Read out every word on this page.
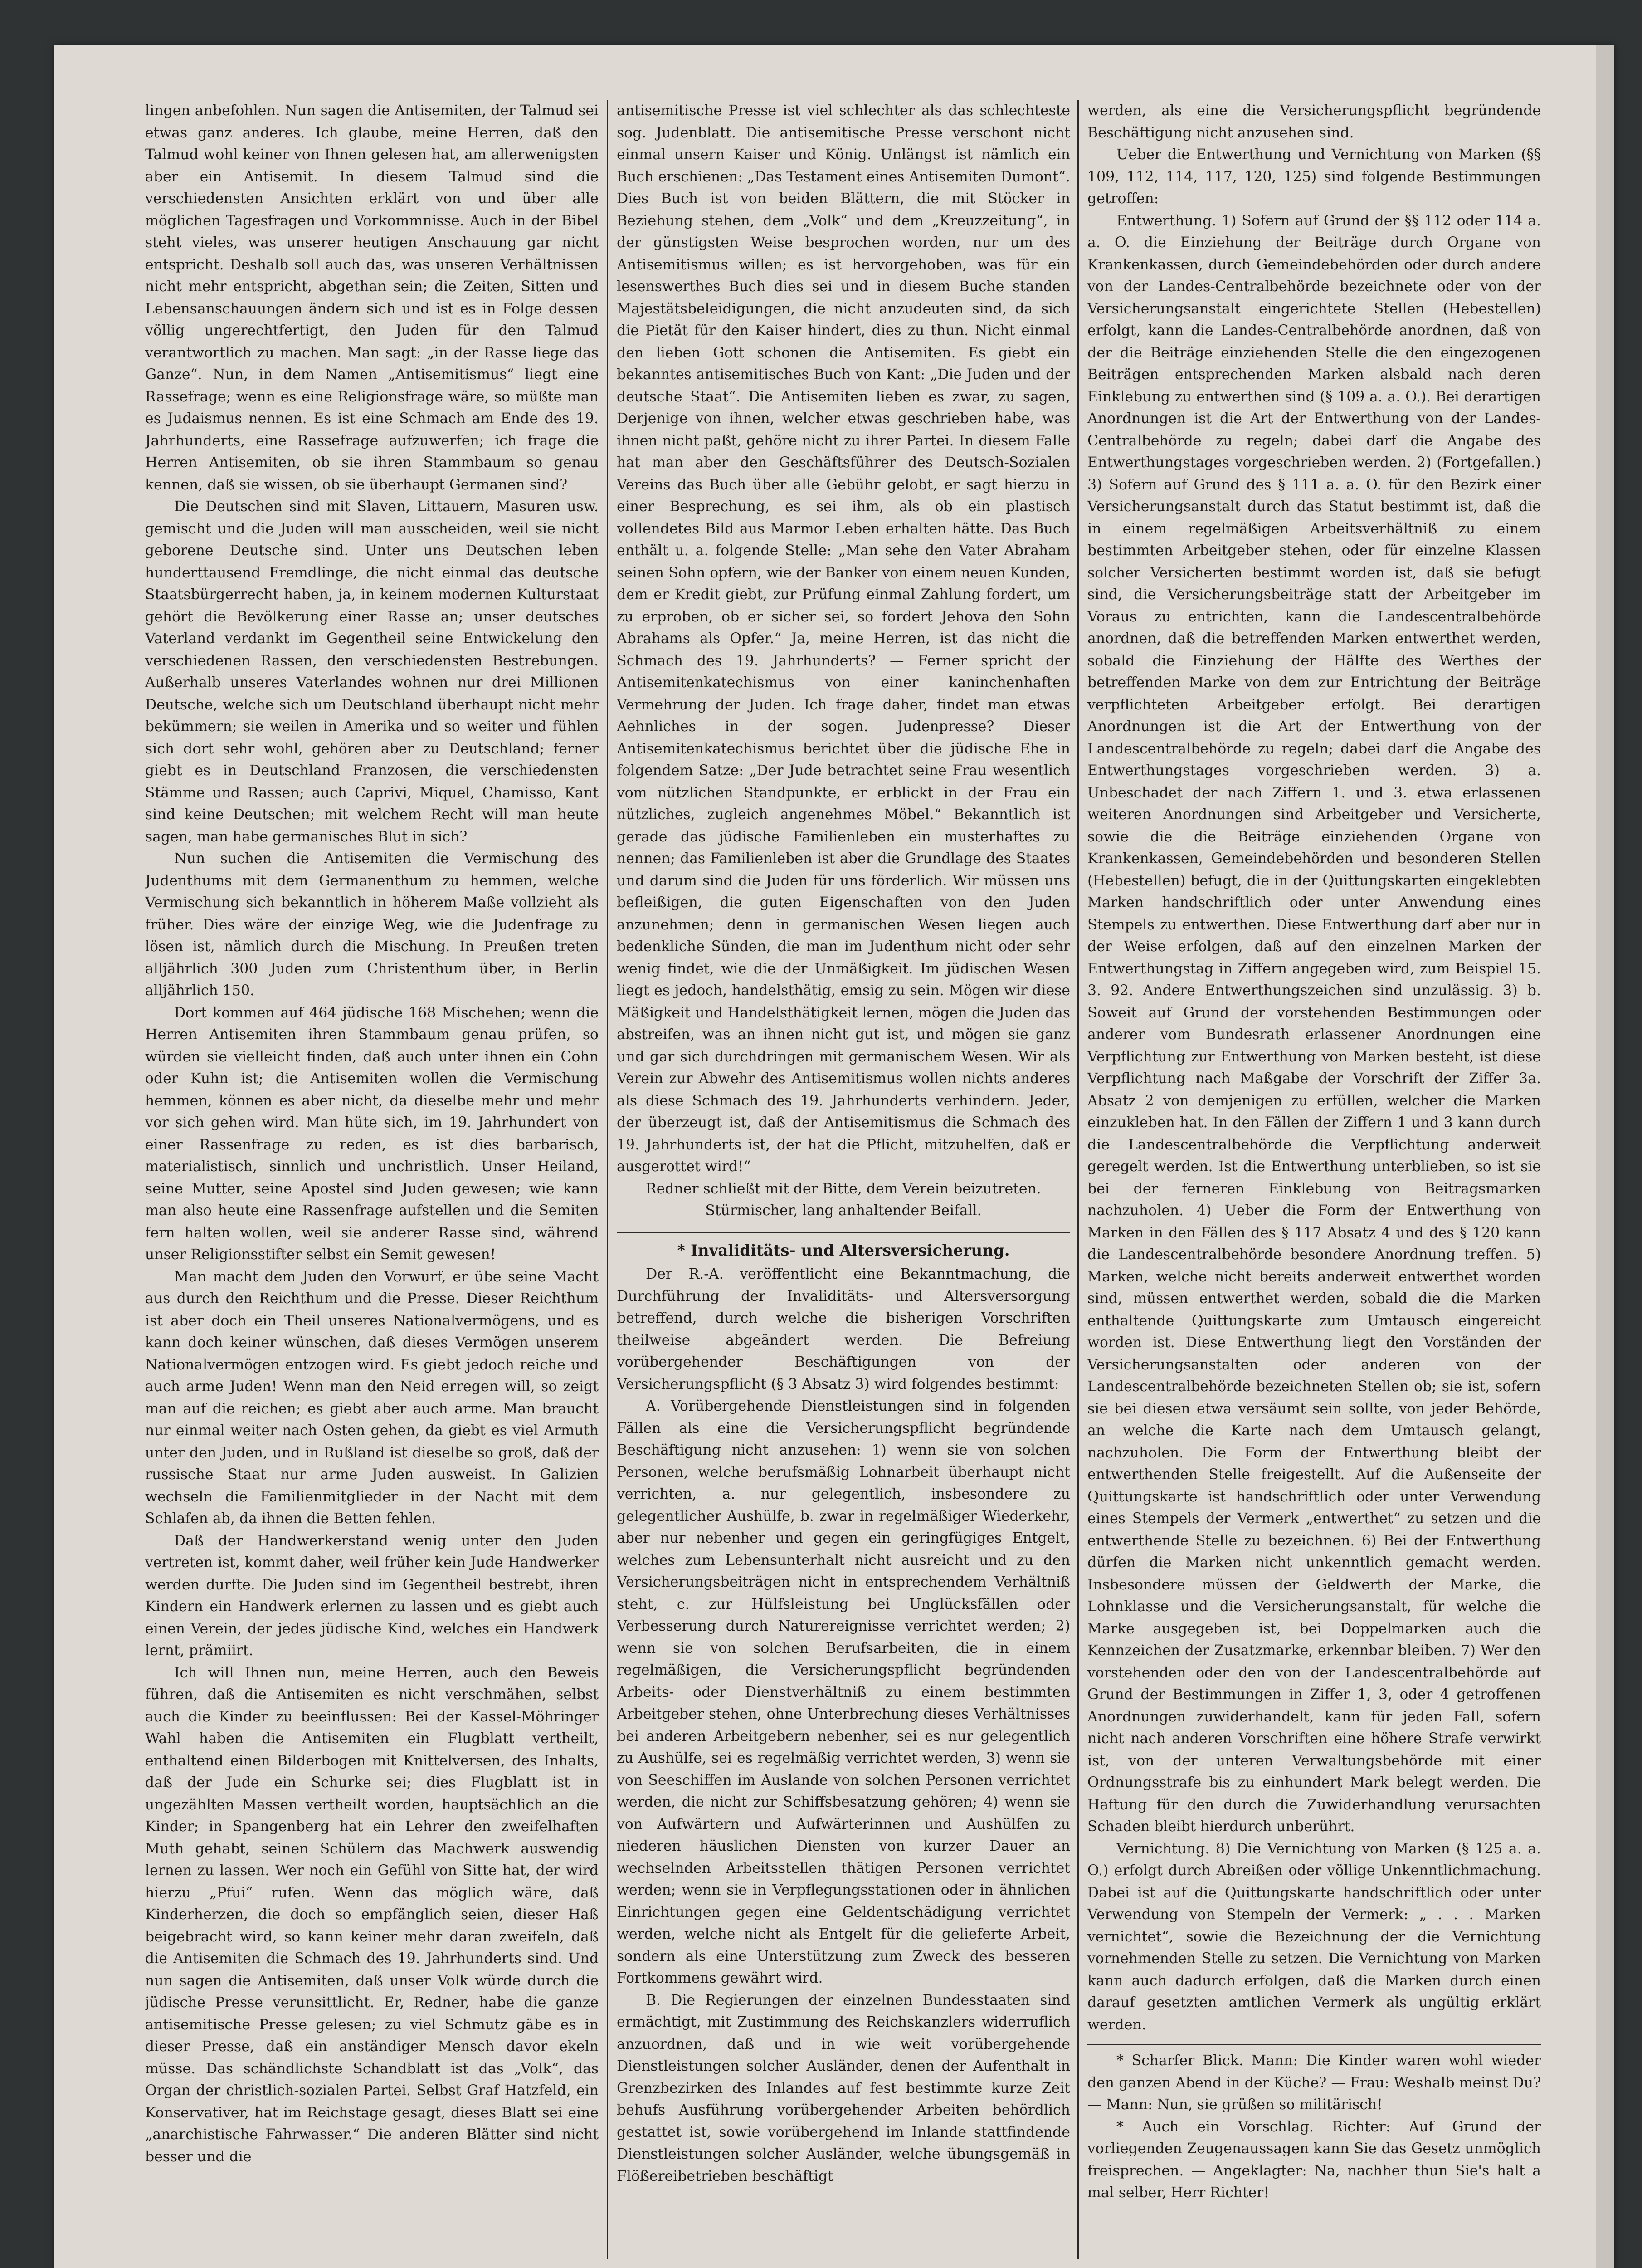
lingen anbefohlen. Nun sagen die Antisemiten, der Talmud sei etwas ganz anderes. Ich glaube, meine Herren, daß den Talmud wohl keiner von Ihnen gelesen hat, am allerwenigsten aber ein Antisemit. In diesem Talmud sind die verschiedensten Ansichten erklärt von und über alle möglichen Tagesfragen und Vorkommnisse. Auch in der Bibel steht vieles, was unserer heutigen Anschauung gar nicht entspricht. Deshalb soll auch das, was unseren Verhältnissen nicht mehr entspricht, abgethan sein; die Zeiten, Sitten und Lebensanschauungen ändern sich und ist es in Folge dessen völlig ungerechtfertigt, den Juden für den Talmud verantwortlich zu machen. Man sagt: „in der Rasse liege das Ganze“. Nun, in dem Namen „Antisemitismus“ liegt eine Rassefrage; wenn es eine Religionsfrage wäre, so müßte man es Judaismus nennen. Es ist eine Schmach am Ende des 19. Jahrhunderts, eine Rassefrage aufzuwerfen; ich frage die Herren Antisemiten, ob sie ihren Stammbaum so genau kennen, daß sie wissen, ob sie überhaupt Germanen sind?

Die Deutschen sind mit Slaven, Littauern, Masuren usw. gemischt und die Juden will man ausscheiden, weil sie nicht geborene Deutsche sind. Unter uns Deutschen leben hunderttausend Fremdlinge, die nicht einmal das deutsche Staatsbürgerrecht haben, ja, in keinem modernen Kulturstaat gehört die Bevölkerung einer Rasse an; unser deutsches Vaterland verdankt im Gegentheil seine Entwickelung den verschiedenen Rassen, den verschiedensten Bestrebungen. Außerhalb unseres Vaterlandes wohnen nur drei Millionen Deutsche, welche sich um Deutschland überhaupt nicht mehr bekümmern; sie weilen in Amerika und so weiter und fühlen sich dort sehr wohl, gehören aber zu Deutschland; ferner giebt es in Deutschland Franzosen, die verschiedensten Stämme und Rassen; auch Caprivi, Miquel, Chamisso, Kant sind keine Deutschen; mit welchem Recht will man heute sagen, man habe germanisches Blut in sich?

Nun suchen die Antisemiten die Vermischung des Judenthums mit dem Germanenthum zu hemmen, welche Vermischung sich bekanntlich in höherem Maße vollzieht als früher. Dies wäre der einzige Weg, wie die Judenfrage zu lösen ist, nämlich durch die Mischung. In Preußen treten alljährlich 300 Juden zum Christenthum über, in Berlin alljährlich 150.

Dort kommen auf 464 jüdische 168 Mischehen; wenn die Herren Antisemiten ihren Stammbaum genau prüfen, so würden sie vielleicht finden, daß auch unter ihnen ein Cohn oder Kuhn ist; die Antisemiten wollen die Vermischung hemmen, können es aber nicht, da dieselbe mehr und mehr vor sich gehen wird. Man hüte sich, im 19. Jahrhundert von einer Rassenfrage zu reden, es ist dies barbarisch, materialistisch, sinnlich und unchristlich. Unser Heiland, seine Mutter, seine Apostel sind Juden gewesen; wie kann man also heute eine Rassenfrage aufstellen und die Semiten fern halten wollen, weil sie anderer Rasse sind, während unser Religionsstifter selbst ein Semit gewesen!

Man macht dem Juden den Vorwurf, er übe seine Macht aus durch den Reichthum und die Presse. Dieser Reichthum ist aber doch ein Theil unseres Nationalvermögens, und es kann doch keiner wünschen, daß dieses Vermögen unserem Nationalvermögen entzogen wird. Es giebt jedoch reiche und auch arme Juden! Wenn man den Neid erregen will, so zeigt man auf die reichen; es giebt aber auch arme. Man braucht nur einmal weiter nach Osten gehen, da giebt es viel Armuth unter den Juden, und in Rußland ist dieselbe so groß, daß der russische Staat nur arme Juden ausweist. In Galizien wechseln die Familienmitglieder in der Nacht mit dem Schlafen ab, da ihnen die Betten fehlen.

Daß der Handwerkerstand wenig unter den Juden vertreten ist, kommt daher, weil früher kein Jude Handwerker werden durfte. Die Juden sind im Gegentheil bestrebt, ihren Kindern ein Handwerk erlernen zu lassen und es giebt auch einen Verein, der jedes jüdische Kind, welches ein Handwerk lernt, prämiirt.

Ich will Ihnen nun, meine Herren, auch den Beweis führen, daß die Antisemiten es nicht verschmähen, selbst auch die Kinder zu beeinflussen: Bei der Kassel-Möhringer Wahl haben die Antisemiten ein Flugblatt vertheilt, enthaltend einen Bilderbogen mit Knittelversen, des Inhalts, daß der Jude ein Schurke sei; dies Flugblatt ist in ungezählten Massen vertheilt worden, hauptsächlich an die Kinder; in Spangenberg hat ein Lehrer den zweifelhaften Muth gehabt, seinen Schülern das Machwerk auswendig lernen zu lassen. Wer noch ein Gefühl von Sitte hat, der wird hierzu „Pfui“ rufen. Wenn das möglich wäre, daß Kinderherzen, die doch so empfänglich seien, dieser Haß beigebracht wird, so kann keiner mehr daran zweifeln, daß die Antisemiten die Schmach des 19. Jahrhunderts sind. Und nun sagen die Antisemiten, daß unser Volk würde durch die jüdische Presse verunsittlicht. Er, Redner, habe die ganze antisemitische Presse gelesen; zu viel Schmutz gäbe es in dieser Presse, daß ein anständiger Mensch davor ekeln müsse. Das schändlichste Schandblatt ist das „Volk“, das Organ der christlich-sozialen Partei. Selbst Graf Hatzfeld, ein Konservativer, hat im Reichstage gesagt, dieses Blatt sei eine „anarchistische Fahrwasser.“ Die anderen Blätter sind nicht besser und die

antisemitische Presse ist viel schlechter als das schlechteste sog. Judenblatt. Die antisemitische Presse verschont nicht einmal unsern Kaiser und König. Unlängst ist nämlich ein Buch erschienen: „Das Testament eines Antisemiten Dumont“. Dies Buch ist von beiden Blättern, die mit Stöcker in Beziehung stehen, dem „Volk“ und dem „Kreuzzeitung“, in der günstigsten Weise besprochen worden, nur um des Antisemitismus willen; es ist hervorgehoben, was für ein lesenswerthes Buch dies sei und in diesem Buche standen Majestätsbeleidigungen, die nicht anzudeuten sind, da sich die Pietät für den Kaiser hindert, dies zu thun. Nicht einmal den lieben Gott schonen die Antisemiten. Es giebt ein bekanntes antisemitisches Buch von Kant: „Die Juden und der deutsche Staat“. Die Antisemiten lieben es zwar, zu sagen, Derjenige von ihnen, welcher etwas geschrieben habe, was ihnen nicht paßt, gehöre nicht zu ihrer Partei. In diesem Falle hat man aber den Geschäftsführer des Deutsch-Sozialen Vereins das Buch über alle Gebühr gelobt, er sagt hierzu in einer Besprechung, es sei ihm, als ob ein plastisch vollendetes Bild aus Marmor Leben erhalten hätte. Das Buch enthält u. a. folgende Stelle: „Man sehe den Vater Abraham seinen Sohn opfern, wie der Banker von einem neuen Kunden, dem er Kredit giebt, zur Prüfung einmal Zahlung fordert, um zu erproben, ob er sicher sei, so fordert Jehova den Sohn Abrahams als Opfer.“ Ja, meine Herren, ist das nicht die Schmach des 19. Jahrhunderts? — Ferner spricht der Antisemitenkatechismus von einer kaninchenhaften Vermehrung der Juden. Ich frage daher, findet man etwas Aehnliches in der sogen. Judenpresse? Dieser Antisemitenkatechismus berichtet über die jüdische Ehe in folgendem Satze: „Der Jude betrachtet seine Frau wesentlich vom nützlichen Standpunkte, er erblickt in der Frau ein nützliches, zugleich angenehmes Möbel.“ Bekanntlich ist gerade das jüdische Familienleben ein musterhaftes zu nennen; das Familienleben ist aber die Grundlage des Staates und darum sind die Juden für uns förderlich. Wir müssen uns befleißigen, die guten Eigenschaften von den Juden anzunehmen; denn in germanischen Wesen liegen auch bedenkliche Sünden, die man im Judenthum nicht oder sehr wenig findet, wie die der Unmäßigkeit. Im jüdischen Wesen liegt es jedoch, handelsthätig, emsig zu sein. Mögen wir diese Mäßigkeit und Handelsthätigkeit lernen, mögen die Juden das abstreifen, was an ihnen nicht gut ist, und mögen sie ganz und gar sich durchdringen mit germanischem Wesen. Wir als Verein zur Abwehr des Antisemitismus wollen nichts anderes als diese Schmach des 19. Jahrhunderts verhindern. Jeder, der überzeugt ist, daß der Antisemitismus die Schmach des 19. Jahrhunderts ist, der hat die Pflicht, mitzuhelfen, daß er ausgerottet wird!“

Redner schließt mit der Bitte, dem Verein beizutreten.

Stürmischer, lang anhaltender Beifall.

* Invaliditäts- und Altersversicherung.

Der R.-A. veröffentlicht eine Bekanntmachung, die Durchführung der Invaliditäts- und Altersversorgung betreffend, durch welche die bisherigen Vorschriften theilweise abgeändert werden. Die Befreiung vorübergehender Beschäftigungen von der Versicherungspflicht (§ 3 Absatz 3) wird folgendes bestimmt:

A. Vorübergehende Dienstleistungen sind in folgenden Fällen als eine die Versicherungspflicht begründende Beschäftigung nicht anzusehen: 1) wenn sie von solchen Personen, welche berufsmäßig Lohnarbeit überhaupt nicht verrichten, a. nur gelegentlich, insbesondere zu gelegentlicher Aushülfe, b. zwar in regelmäßiger Wiederkehr, aber nur nebenher und gegen ein geringfügiges Entgelt, welches zum Lebensunterhalt nicht ausreicht und zu den Versicherungsbeiträgen nicht in entsprechendem Verhältniß steht, c. zur Hülfsleistung bei Unglücksfällen oder Verbesserung durch Naturereignisse verrichtet werden; 2) wenn sie von solchen Berufsarbeiten, die in einem regelmäßigen, die Versicherungspflicht begründenden Arbeits- oder Dienstverhältniß zu einem bestimmten Arbeitgeber stehen, ohne Unterbrechung dieses Verhältnisses bei anderen Arbeitgebern nebenher, sei es nur gelegentlich zu Aushülfe, sei es regelmäßig verrichtet werden, 3) wenn sie von Seeschiffen im Auslande von solchen Personen verrichtet werden, die nicht zur Schiffsbesatzung gehören; 4) wenn sie von Aufwärtern und Aufwärterinnen und Aushülfen zu niederen häuslichen Diensten von kurzer Dauer an wechselnden Arbeitsstellen thätigen Personen verrichtet werden; wenn sie in Verpflegungsstationen oder in ähnlichen Einrichtungen gegen eine Geldentschädigung verrichtet werden, welche nicht als Entgelt für die gelieferte Arbeit, sondern als eine Unterstützung zum Zweck des besseren Fortkommens gewährt wird.

B. Die Regierungen der einzelnen Bundesstaaten sind ermächtigt, mit Zustimmung des Reichskanzlers widerruflich anzuordnen, daß und in wie weit vorübergehende Dienstleistungen solcher Ausländer, denen der Aufenthalt in Grenzbezirken des Inlandes auf fest bestimmte kurze Zeit behufs Ausführung vorübergehender Arbeiten behördlich gestattet ist, sowie vorübergehend im Inlande stattfindende Dienstleistungen solcher Ausländer, welche übungsgemäß in Flößereibetrieben beschäftigt

werden, als eine die Versicherungspflicht begründende Beschäftigung nicht anzusehen sind.

Ueber die Entwerthung und Vernichtung von Marken (§§ 109, 112, 114, 117, 120, 125) sind folgende Bestimmungen getroffen:

Entwerthung. 1) Sofern auf Grund der §§ 112 oder 114 a. a. O. die Einziehung der Beiträge durch Organe von Krankenkassen, durch Gemeindebehörden oder durch andere von der Landes-Centralbehörde bezeichnete oder von der Versicherungsanstalt eingerichtete Stellen (Hebestellen) erfolgt, kann die Landes-Centralbehörde anordnen, daß von der die Beiträge einziehenden Stelle die den eingezogenen Beiträgen entsprechenden Marken alsbald nach deren Einklebung zu entwerthen sind (§ 109 a. a. O.). Bei derartigen Anordnungen ist die Art der Entwerthung von der Landes-Centralbehörde zu regeln; dabei darf die Angabe des Entwerthungstages vorgeschrieben werden. 2) (Fortgefallen.) 3) Sofern auf Grund des § 111 a. a. O. für den Bezirk einer Versicherungsanstalt durch das Statut bestimmt ist, daß die in einem regelmäßigen Arbeitsverhältniß zu einem bestimmten Arbeitgeber stehen, oder für einzelne Klassen solcher Versicherten bestimmt worden ist, daß sie befugt sind, die Versicherungsbeiträge statt der Arbeitgeber im Voraus zu entrichten, kann die Landescentralbehörde anordnen, daß die betreffenden Marken entwerthet werden, sobald die Einziehung der Hälfte des Werthes der betreffenden Marke von dem zur Entrichtung der Beiträge verpflichteten Arbeitgeber erfolgt. Bei derartigen Anordnungen ist die Art der Entwerthung von der Landescentralbehörde zu regeln; dabei darf die Angabe des Entwerthungstages vorgeschrieben werden. 3) a. Unbeschadet der nach Ziffern 1. und 3. etwa erlassenen weiteren Anordnungen sind Arbeitgeber und Versicherte, sowie die die Beiträge einziehenden Organe von Krankenkassen, Gemeindebehörden und besonderen Stellen (Hebestellen) befugt, die in der Quittungskarten eingeklebten Marken handschriftlich oder unter Anwendung eines Stempels zu entwerthen. Diese Entwerthung darf aber nur in der Weise erfolgen, daß auf den einzelnen Marken der Entwerthungstag in Ziffern angegeben wird, zum Beispiel 15. 3. 92. Andere Entwerthungszeichen sind unzulässig. 3) b. Soweit auf Grund der vorstehenden Bestimmungen oder anderer vom Bundesrath erlassener Anordnungen eine Verpflichtung zur Entwerthung von Marken besteht, ist diese Verpflichtung nach Maßgabe der Vorschrift der Ziffer 3a. Absatz 2 von demjenigen zu erfüllen, welcher die Marken einzukleben hat. In den Fällen der Ziffern 1 und 3 kann durch die Landescentralbehörde die Verpflichtung anderweit geregelt werden. Ist die Entwerthung unterblieben, so ist sie bei der ferneren Einklebung von Beitragsmarken nachzuholen. 4) Ueber die Form der Entwerthung von Marken in den Fällen des § 117 Absatz 4 und des § 120 kann die Landescentralbehörde besondere Anordnung treffen. 5) Marken, welche nicht bereits anderweit entwerthet worden sind, müssen entwerthet werden, sobald die die Marken enthaltende Quittungskarte zum Umtausch eingereicht worden ist. Diese Entwerthung liegt den Vorständen der Versicherungsanstalten oder anderen von der Landescentralbehörde bezeichneten Stellen ob; sie ist, sofern sie bei diesen etwa versäumt sein sollte, von jeder Behörde, an welche die Karte nach dem Umtausch gelangt, nachzuholen. Die Form der Entwerthung bleibt der entwerthenden Stelle freigestellt. Auf die Außenseite der Quittungskarte ist handschriftlich oder unter Verwendung eines Stempels der Vermerk „entwerthet“ zu setzen und die entwerthende Stelle zu bezeichnen. 6) Bei der Entwerthung dürfen die Marken nicht unkenntlich gemacht werden. Insbesondere müssen der Geldwerth der Marke, die Lohnklasse und die Versicherungsanstalt, für welche die Marke ausgegeben ist, bei Doppelmarken auch die Kennzeichen der Zusatzmarke, erkennbar bleiben. 7) Wer den vorstehenden oder den von der Landescentralbehörde auf Grund der Bestimmungen in Ziffer 1, 3, oder 4 getroffenen Anordnungen zuwiderhandelt, kann für jeden Fall, sofern nicht nach anderen Vorschriften eine höhere Strafe verwirkt ist, von der unteren Verwaltungsbehörde mit einer Ordnungsstrafe bis zu einhundert Mark belegt werden. Die Haftung für den durch die Zuwiderhandlung verursachten Schaden bleibt hierdurch unberührt.

Vernichtung. 8) Die Vernichtung von Marken (§ 125 a. a. O.) erfolgt durch Abreißen oder völlige Unkenntlichmachung. Dabei ist auf die Quittungskarte handschriftlich oder unter Verwendung von Stempeln der Vermerk: „ . . . Marken vernichtet“, sowie die Bezeichnung der die Vernichtung vornehmenden Stelle zu setzen. Die Vernichtung von Marken kann auch dadurch erfolgen, daß die Marken durch einen darauf gesetzten amtlichen Vermerk als ungültig erklärt werden.

* Scharfer Blick. Mann: Die Kinder waren wohl wieder den ganzen Abend in der Küche? — Frau: Weshalb meinst Du? — Mann: Nun, sie grüßen so militärisch!

* Auch ein Vorschlag. Richter: Auf Grund der vorliegenden Zeugenaussagen kann Sie das Gesetz unmöglich freisprechen. — Angeklagter: Na, nachher thun Sie's halt a mal selber, Herr Richter!
